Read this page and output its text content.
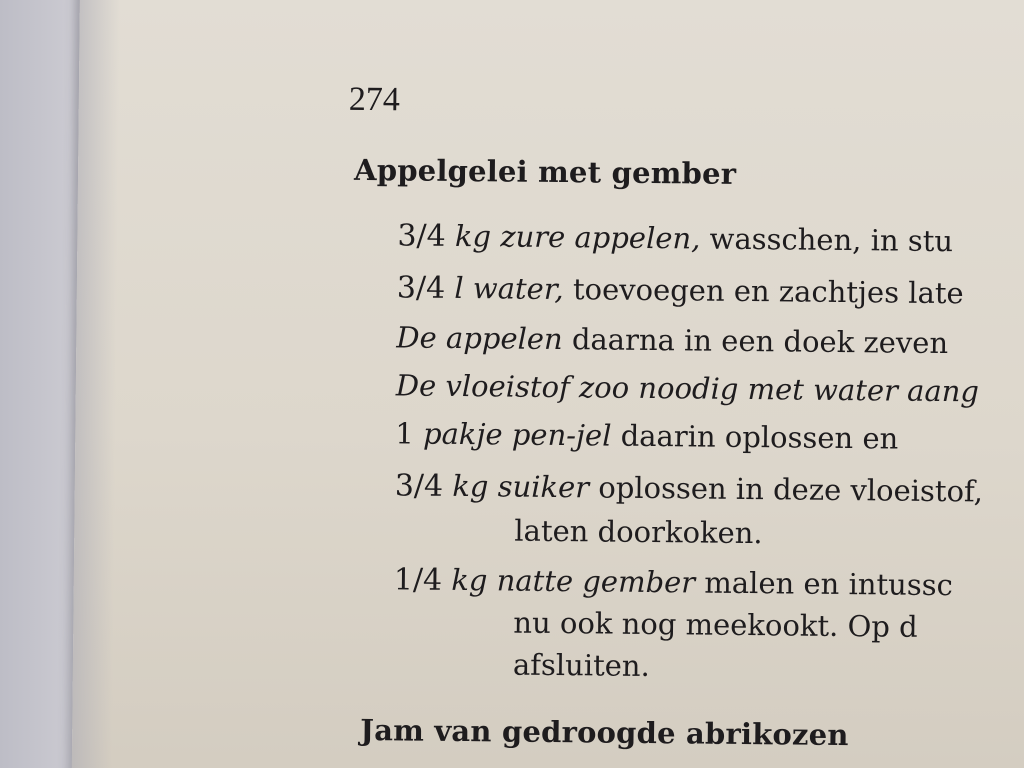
274
Appelgelei met gember
3/4 kg zure appelen, wasschen, in stu
3/4 l water, toevoegen en zachtjes late
De appelen daarna in een doek zeven
De vloeistof zoo noodig met water aang
1 pakje pen-jel daarin oplossen en
3/4 kg suiker oplossen in deze vloeistof,
laten doorkoken.
1/4 kg natte gember malen en intussc
nu ook nog meekookt. Op d
afsluiten.
Jam van gedroogde abrikozen
